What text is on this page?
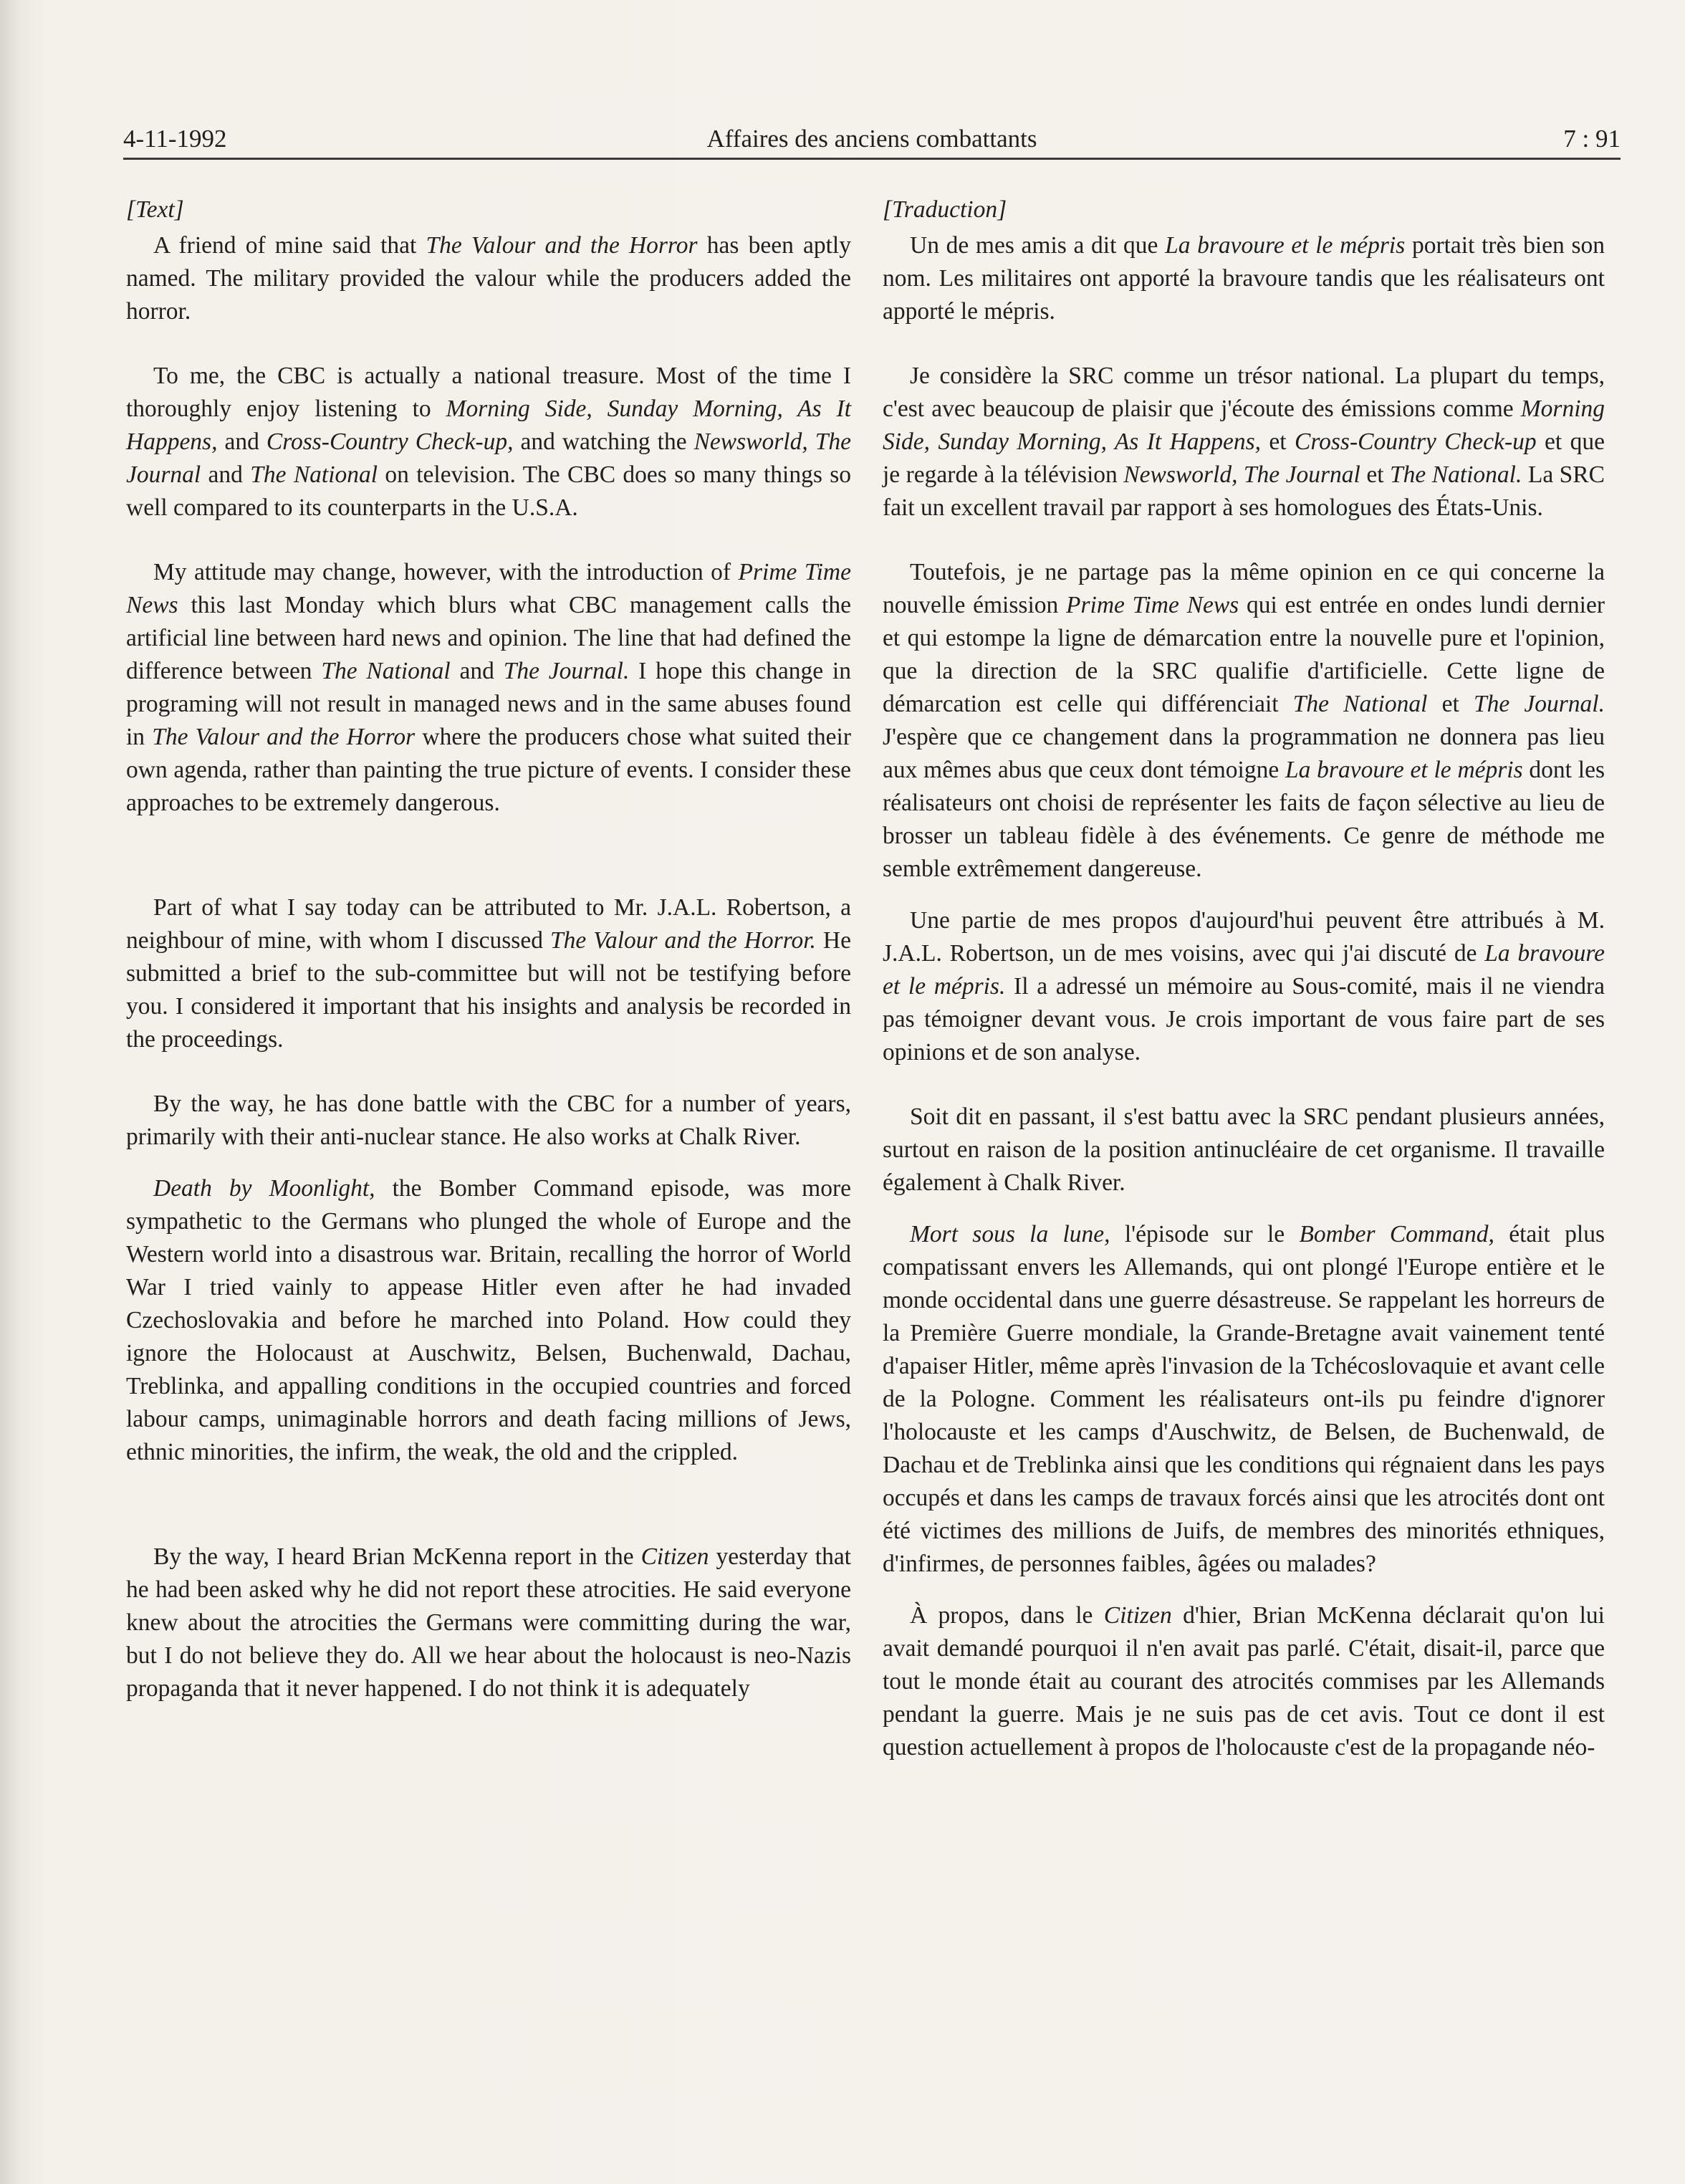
4-11-1992	Affaires des anciens combattants	7 : 91

[Text]

A friend of mine said that The Valour and the Horror has been aptly named. The military provided the valour while the producers added the horror.

To me, the CBC is actually a national treasure. Most of the time I thoroughly enjoy listening to Morning Side, Sunday Morning, As It Happens, and Cross-Country Check-up, and watching the Newsworld, The Journal and The National on television. The CBC does so many things so well compared to its counterparts in the U.S.A.

My attitude may change, however, with the introduction of Prime Time News this last Monday which blurs what CBC management calls the artificial line between hard news and opinion. The line that had defined the difference between The National and The Journal. I hope this change in programing will not result in managed news and in the same abuses found in The Valour and the Horror where the producers chose what suited their own agenda, rather than painting the true picture of events. I consider these approaches to be extremely dangerous.

Part of what I say today can be attributed to Mr. J.A.L. Robertson, a neighbour of mine, with whom I discussed The Valour and the Horror. He submitted a brief to the sub-committee but will not be testifying before you. I considered it important that his insights and analysis be recorded in the proceedings.

By the way, he has done battle with the CBC for a number of years, primarily with their anti-nuclear stance. He also works at Chalk River.

Death by Moonlight, the Bomber Command episode, was more sympathetic to the Germans who plunged the whole of Europe and the Western world into a disastrous war. Britain, recalling the horror of World War I tried vainly to appease Hitler even after he had invaded Czechoslovakia and before he marched into Poland. How could they ignore the Holocaust at Auschwitz, Belsen, Buchenwald, Dachau, Treblinka, and appalling conditions in the occupied countries and forced labour camps, unimaginable horrors and death facing millions of Jews, ethnic minorities, the infirm, the weak, the old and the crippled.

By the way, I heard Brian McKenna report in the Citizen yesterday that he had been asked why he did not report these atrocities. He said everyone knew about the atrocities the Germans were committing during the war, but I do not believe they do. All we hear about the holocaust is neo-Nazis propaganda that it never happened. I do not think it is adequately

[Traduction]

Un de mes amis a dit que La bravoure et le mépris portait très bien son nom. Les militaires ont apporté la bravoure tandis que les réalisateurs ont apporté le mépris.

Je considère la SRC comme un trésor national. La plupart du temps, c'est avec beaucoup de plaisir que j'écoute des émissions comme Morning Side, Sunday Morning, As It Happens, et Cross-Country Check-up et que je regarde à la télévision Newsworld, The Journal et The National. La SRC fait un excellent travail par rapport à ses homologues des États-Unis.

Toutefois, je ne partage pas la même opinion en ce qui concerne la nouvelle émission Prime Time News qui est entrée en ondes lundi dernier et qui estompe la ligne de démarcation entre la nouvelle pure et l'opinion, que la direction de la SRC qualifie d'artificielle. Cette ligne de démarcation est celle qui différenciait The National et The Journal. J'espère que ce changement dans la programmation ne donnera pas lieu aux mêmes abus que ceux dont témoigne La bravoure et le mépris dont les réalisateurs ont choisi de représenter les faits de façon sélective au lieu de brosser un tableau fidèle à des événements. Ce genre de méthode me semble extrêmement dangereuse.

Une partie de mes propos d'aujourd'hui peuvent être attribués à M. J.A.L. Robertson, un de mes voisins, avec qui j'ai discuté de La bravoure et le mépris. Il a adressé un mémoire au Sous-comité, mais il ne viendra pas témoigner devant vous. Je crois important de vous faire part de ses opinions et de son analyse.

Soit dit en passant, il s'est battu avec la SRC pendant plusieurs années, surtout en raison de la position antinucléaire de cet organisme. Il travaille également à Chalk River.

Mort sous la lune, l'épisode sur le Bomber Command, était plus compatissant envers les Allemands, qui ont plongé l'Europe entière et le monde occidental dans une guerre désastreuse. Se rappelant les horreurs de la Première Guerre mondiale, la Grande-Bretagne avait vainement tenté d'apaiser Hitler, même après l'invasion de la Tchécoslovaquie et avant celle de la Pologne. Comment les réalisateurs ont-ils pu feindre d'ignorer l'holocauste et les camps d'Auschwitz, de Belsen, de Buchenwald, de Dachau et de Treblinka ainsi que les conditions qui régnaient dans les pays occupés et dans les camps de travaux forcés ainsi que les atrocités dont ont été victimes des millions de Juifs, de membres des minorités ethniques, d'infirmes, de personnes faibles, âgées ou malades?

À propos, dans le Citizen d'hier, Brian McKenna déclarait qu'on lui avait demandé pourquoi il n'en avait pas parlé. C'était, disait-il, parce que tout le monde était au courant des atrocités commises par les Allemands pendant la guerre. Mais je ne suis pas de cet avis. Tout ce dont il est question actuellement à propos de l'holocauste c'est de la propagande néo-
